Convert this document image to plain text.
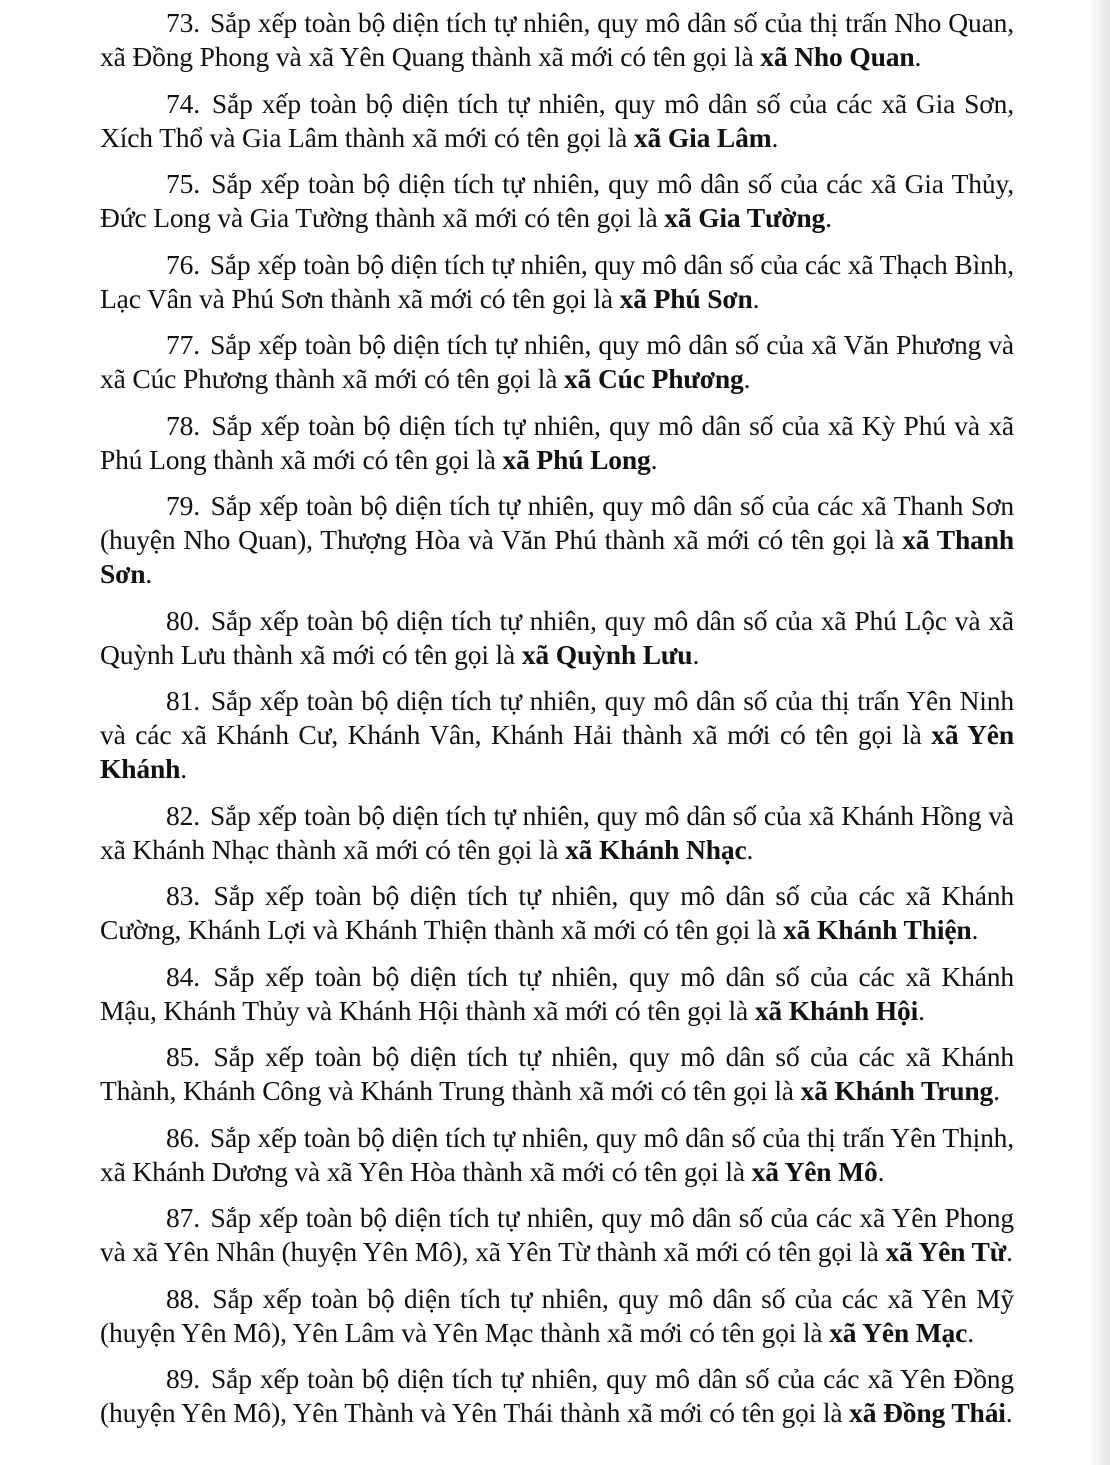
73. Sắp xếp toàn bộ diện tích tự nhiên, quy mô dân số của thị trấn Nho Quan, xã Đồng Phong và xã Yên Quang thành xã mới có tên gọi là xã Nho Quan.

74. Sắp xếp toàn bộ diện tích tự nhiên, quy mô dân số của các xã Gia Sơn, Xích Thổ và Gia Lâm thành xã mới có tên gọi là xã Gia Lâm.

75. Sắp xếp toàn bộ diện tích tự nhiên, quy mô dân số của các xã Gia Thủy, Đức Long và Gia Tường thành xã mới có tên gọi là xã Gia Tường.

76. Sắp xếp toàn bộ diện tích tự nhiên, quy mô dân số của các xã Thạch Bình, Lạc Vân và Phú Sơn thành xã mới có tên gọi là xã Phú Sơn.

77. Sắp xếp toàn bộ diện tích tự nhiên, quy mô dân số của xã Văn Phương và xã Cúc Phương thành xã mới có tên gọi là xã Cúc Phương.

78. Sắp xếp toàn bộ diện tích tự nhiên, quy mô dân số của xã Kỳ Phú và xã Phú Long thành xã mới có tên gọi là xã Phú Long.

79. Sắp xếp toàn bộ diện tích tự nhiên, quy mô dân số của các xã Thanh Sơn (huyện Nho Quan), Thượng Hòa và Văn Phú thành xã mới có tên gọi là xã Thanh Sơn.

80. Sắp xếp toàn bộ diện tích tự nhiên, quy mô dân số của xã Phú Lộc và xã Quỳnh Lưu thành xã mới có tên gọi là xã Quỳnh Lưu.

81. Sắp xếp toàn bộ diện tích tự nhiên, quy mô dân số của thị trấn Yên Ninh và các xã Khánh Cư, Khánh Vân, Khánh Hải thành xã mới có tên gọi là xã Yên Khánh.

82. Sắp xếp toàn bộ diện tích tự nhiên, quy mô dân số của xã Khánh Hồng và xã Khánh Nhạc thành xã mới có tên gọi là xã Khánh Nhạc.

83. Sắp xếp toàn bộ diện tích tự nhiên, quy mô dân số của các xã Khánh Cường, Khánh Lợi và Khánh Thiện thành xã mới có tên gọi là xã Khánh Thiện.

84. Sắp xếp toàn bộ diện tích tự nhiên, quy mô dân số của các xã Khánh Mậu, Khánh Thủy và Khánh Hội thành xã mới có tên gọi là xã Khánh Hội.

85. Sắp xếp toàn bộ diện tích tự nhiên, quy mô dân số của các xã Khánh Thành, Khánh Công và Khánh Trung thành xã mới có tên gọi là xã Khánh Trung.

86. Sắp xếp toàn bộ diện tích tự nhiên, quy mô dân số của thị trấn Yên Thịnh, xã Khánh Dương và xã Yên Hòa thành xã mới có tên gọi là xã Yên Mô.

87. Sắp xếp toàn bộ diện tích tự nhiên, quy mô dân số của các xã Yên Phong và xã Yên Nhân (huyện Yên Mô), xã Yên Từ thành xã mới có tên gọi là xã Yên Từ.

88. Sắp xếp toàn bộ diện tích tự nhiên, quy mô dân số của các xã Yên Mỹ (huyện Yên Mô), Yên Lâm và Yên Mạc thành xã mới có tên gọi là xã Yên Mạc.

89. Sắp xếp toàn bộ diện tích tự nhiên, quy mô dân số của các xã Yên Đồng (huyện Yên Mô), Yên Thành và Yên Thái thành xã mới có tên gọi là xã Đồng Thái.
